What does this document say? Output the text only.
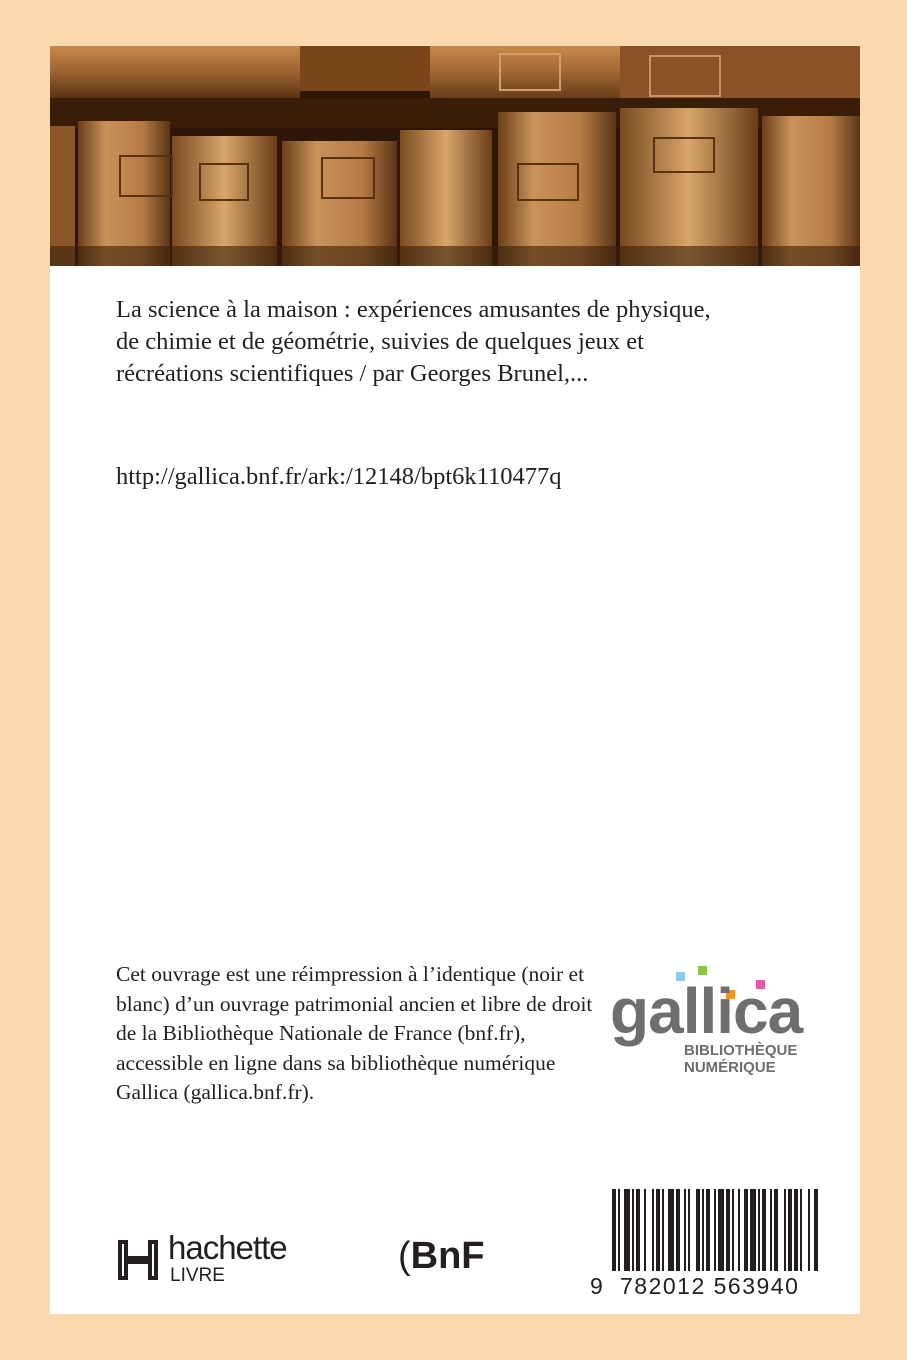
La science à la maison : expériences amusantes de physique, de chimie et de géométrie, suivies de quelques jeux et récréations scientifiques / par Georges Brunel,...

http://gallica.bnf.fr/ark:/12148/bpt6k110477q
Cet ouvrage est une réimpression à l’identique (noir et blanc) d’un ouvrage patrimonial ancien et libre de droit de la Bibliothèque Nationale de France (bnf.fr), accessible en ligne dans sa bibliothèque numérique Gallica (gallica.bnf.fr).
gallica
BIBLIOTHÈQUE
NUMÉRIQUE
hachette
LIVRE	(BnF
9 782012 563940
